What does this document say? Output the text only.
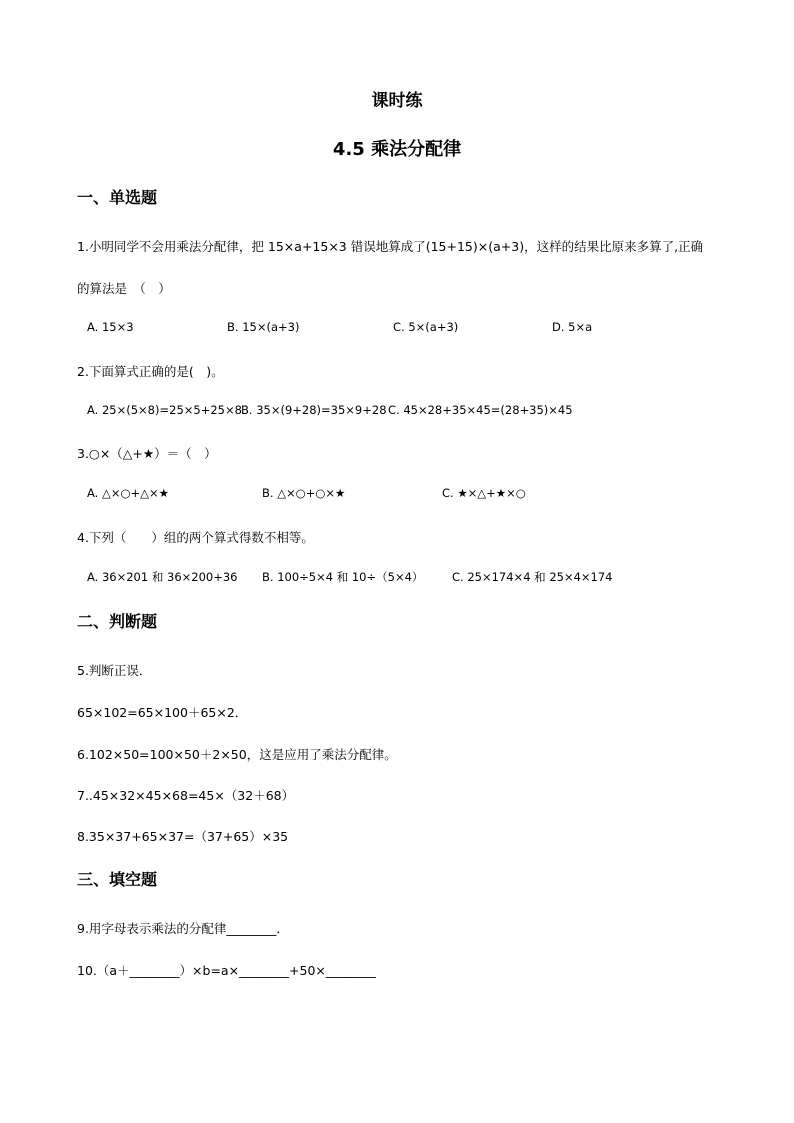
课时练
4.5 乘法分配律
一、单选题
1.小明同学不会用乘法分配律，把 15×a+15×3 错误地算成了(15+15)×(a+3)，这样的结果比原来多算了,正确
的算法是　（　）
A. 15×3	B. 15×(a+3)	C. 5×(a+3)	D. 5×a
2.下面算式正确的是(　)。
A. 25×(5×8)=25×5+25×8 B. 35×(9+28)=35×9+28 C. 45×28+35×45=(28+35)×45
3.○×（△+★）＝（　）
A. △×○+△×★	B. △×○+○×★	C. ★×△+★×○
4.下列（　　）组的两个算式得数不相等。
A. 36×201 和 36×200+36 B. 100÷5×4 和 10÷（5×4） C. 25×174×4 和 25×4×174
二、判断题
5.判断正误．
65×102=65×100＋65×2．
6.102×50=100×50＋2×50，这是应用了乘法分配律。
7..45×32×45×68=45×（32＋68）
8.35×37+65×37=（37+65）×35
三、填空题
9.用字母表示乘法的分配律________．
10.（a＋________）×b=a×________+50×________
